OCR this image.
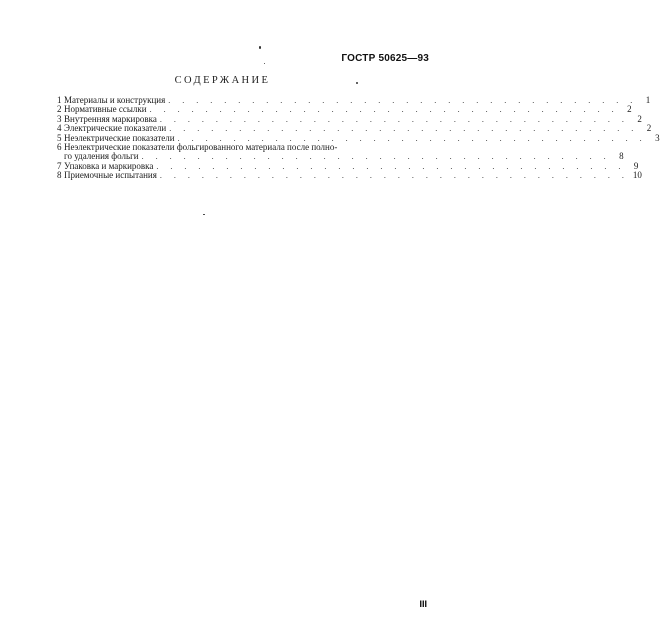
ГОСТР 50625—93
СОДЕРЖАНИЕ
1 Материалы и конструкция . . . . . . . . . . . . . . . . . . . . . . . . . . . . . . . . . . 1
2 Нормативные ссылки . . . . . . . . . . . . . . . . . . . . . . . . . . . . . . . . . . 2
3 Внутренняя маркировка . . . . . . . . . . . . . . . . . . . . . . . . . . . . . . . . . . 2
4 Электрические показатели . . . . . . . . . . . . . . . . . . . . . . . . . . . . . . . . . . 2
5 Неэлектрические показатели . . . . . . . . . . . . . . . . . . . . . . . . . . . . . . . . . . 3
6 Неэлектрические показатели фольгированного материала после полно-
го удаления фольги . . . . . . . . . . . . . . . . . . . . . . . . . . . . . . . . . . 8
7 Упаковка и маркировка . . . . . . . . . . . . . . . . . . . . . . . . . . . . . . . . . . 9
8 Приемочные испытания . . . . . . . . . . . . . . . . . . . . . . . . . . . . . . . . . . 10
III
